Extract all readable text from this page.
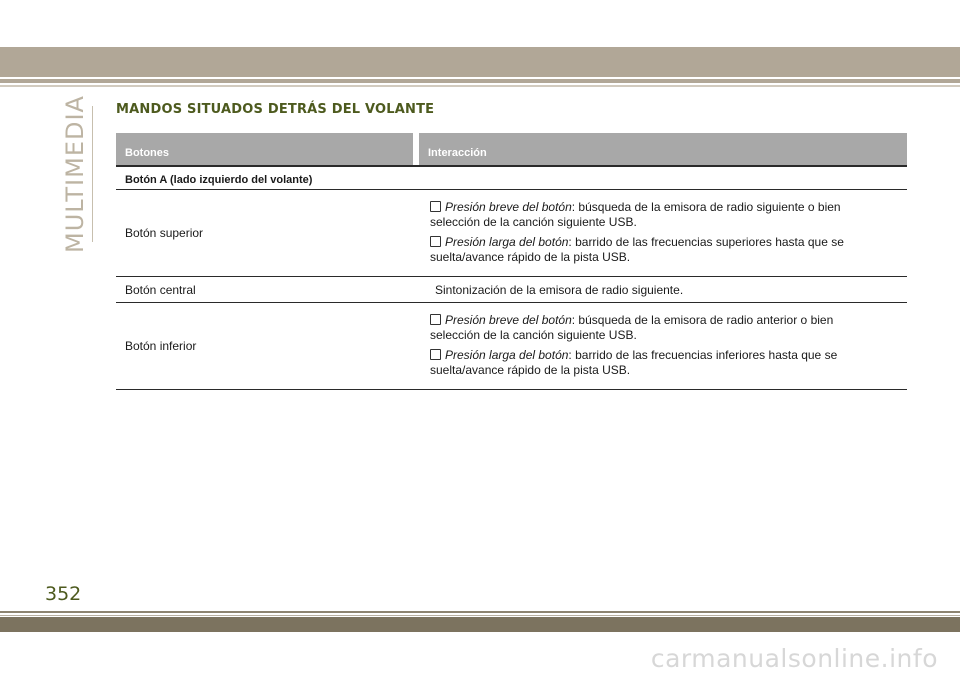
MULTIMEDIA MANDOS SITUADOS DETRÁS DEL VOLANTE
Botones	Interacción
Botón A (lado izquierdo del volante)
Botón superior
Presión breve del botón: búsqueda de la emisora de radio siguiente o bien selección de la canción siguiente USB.
Presión larga del botón: barrido de las frecuencias superiores hasta que se suelta/avance rápido de la pista USB.
Botón central	Sintonización de la emisora de radio siguiente.
Botón inferior
Presión breve del botón: búsqueda de la emisora de radio anterior o bien selección de la canción siguiente USB.
Presión larga del botón: barrido de las frecuencias inferiores hasta que se suelta/avance rápido de la pista USB.
352
carmanualsonline.info
